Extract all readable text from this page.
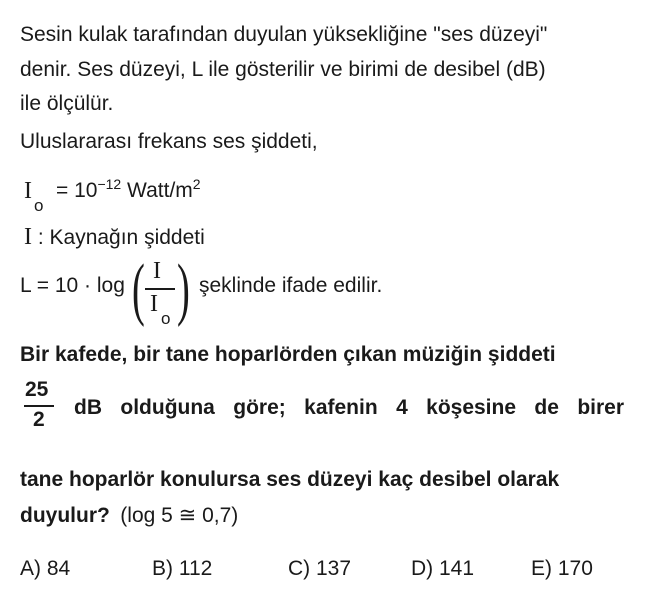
Sesin kulak tarafından duyulan yüksekliğine "ses düzeyi"
denir. Ses düzeyi, L ile gösterilir ve birimi de desibel (dB)
ile ölçülür.
Uluslararası frekans ses şiddeti,
I
o
= $10^{-12}$ Watt/$m^2$
I : Kaynağın şiddeti
L = 10 · log ( I
I
o ) şeklinde ifade edilir.
Bir kafede, bir tane hoparlörden çıkan müziğin şiddeti
25
2
dB olduğuna göre; kafenin 4 köşesine de birer
tane hoparlör konulursa ses düzeyi kaç desibel olarak
duyulur? (log 5 ≅ 0,7)
A) 84	B) 112	C) 137	D) 141	E) 170
